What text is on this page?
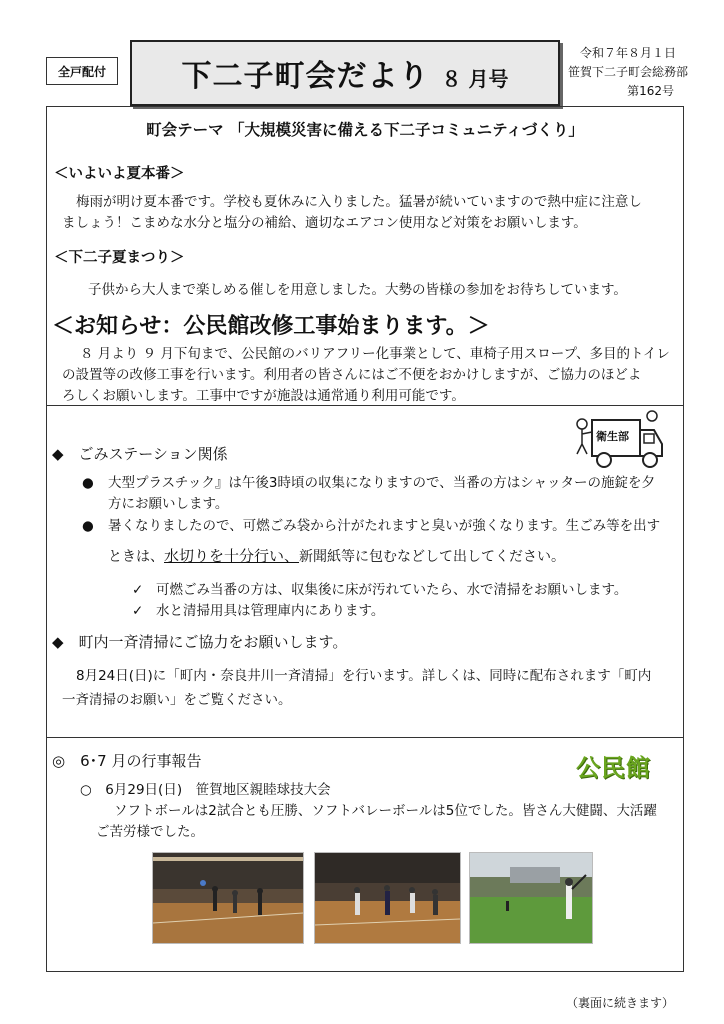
全戸配付	下二子町会だより ８ 月号
令和７年８月１日
笹賀下二子町会総務部
第162号
町会テーマ 「大規模災害に備える下二子コミュニティづくり」
＜いよいよ夏本番＞
梅雨が明け夏本番です。学校も夏休みに入りました。猛暑が続いていますので熱中症に注意し
ましょう！こまめな水分と塩分の補給、適切なエアコン使用など対策をお願いします。
＜下二子夏まつり＞
子供から大人まで楽しめる催しを用意しました。大勢の皆様の参加をお待ちしています。
＜お知らせ：公民館改修工事始まります。＞
８ 月より ９ 月下旬まで、公民館のバリアフリー化事業として、車椅子用スロープ、多目的トイレ
の設置等の改修工事を行います。利用者の皆さんにはご不便をおかけしますが、ご協力のほどよ
ろしくお願いします。工事中ですが施設は通常通り利用可能です。
◆　ごみステーション関係
衛生部
● 大型プラスチック』は午後3時頃の収集になりますので、当番の方はシャッターの施錠を夕
方にお願いします。
● 暑くなりましたので、可燃ごみ袋から汁がたれますと臭いが強くなります。生ごみ等を出す
ときは、水切りを十分行い、新聞紙等に包むなどして出してください。
✓ 可燃ごみ当番の方は、収集後に床が汚れていたら、水で清掃をお願いします。
✓ 水と清掃用具は管理庫内にあります。
◆　町内一斉清掃にご協力をお願いします。
8月24日(日)に「町内・奈良井川一斉清掃」を行います。詳しくは、同時に配布されます「町内
一斉清掃のお願い」をご覧ください。
◎　6･7 月の行事報告	公民館
○　6月29日(日)　笹賀地区親睦球技大会
ソフトボールは2試合とも圧勝、ソフトバレーボールは5位でした。皆さん大健闘、大活躍
ご苦労様でした。
（裏面に続きます）
